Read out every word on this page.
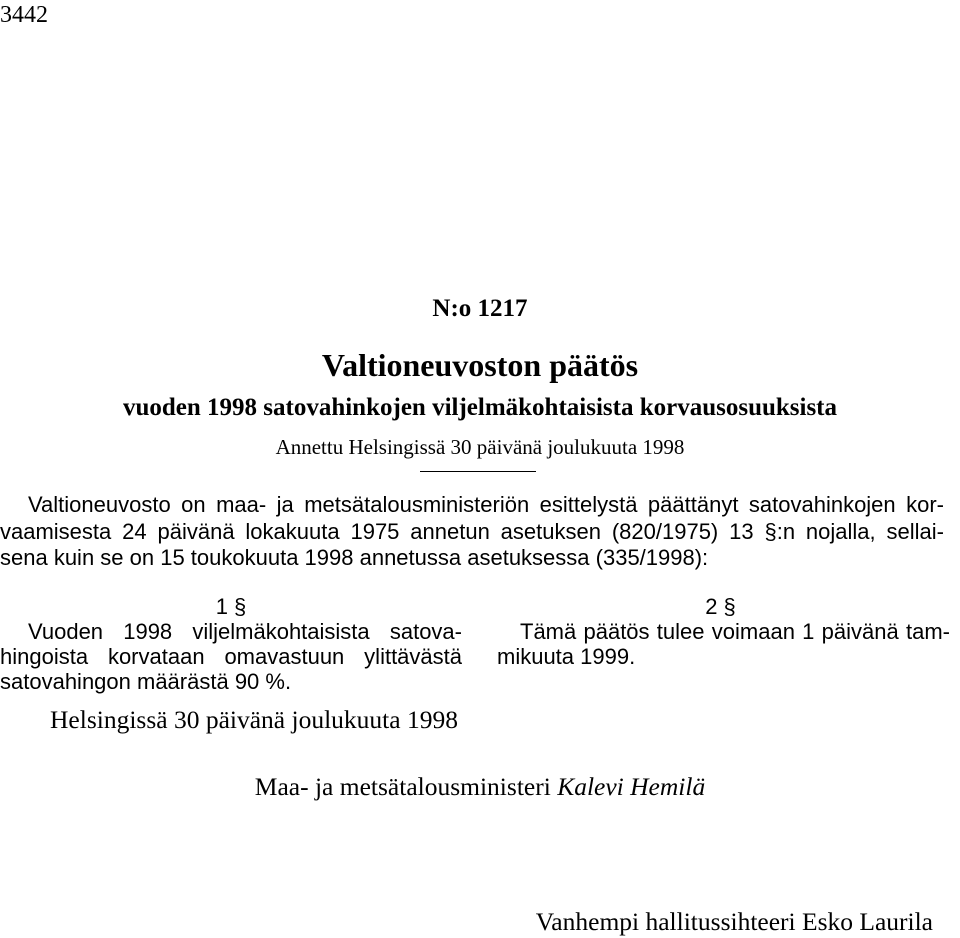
3442
N:o 1217
Valtioneuvoston päätös
vuoden 1998 satovahinkojen viljelmäkohtaisista korvausosuuksista
Annettu Helsingissä 30 päivänä joulukuuta 1998
Valtioneuvosto on maa- ja metsätalousministeriön esittelystä päättänyt satovahinkojen kor-
vaamisesta 24 päivänä lokakuuta 1975 annetun asetuksen (820/1975) 13 §:n nojalla, sellai-
sena kuin se on 15 toukokuuta 1998 annetussa asetuksessa (335/1998):
1 §
Vuoden 1998 viljelmäkohtaisista satova-
hingoista korvataan omavastuun ylittävästä
satovahingon määrästä 90 %.
2 §
Tämä päätös tulee voimaan 1 päivänä tam-
mikuuta 1999.
Helsingissä 30 päivänä joulukuuta 1998
Maa- ja metsätalousministeri Kalevi Hemilä
Vanhempi hallitussihteeri Esko Laurila
